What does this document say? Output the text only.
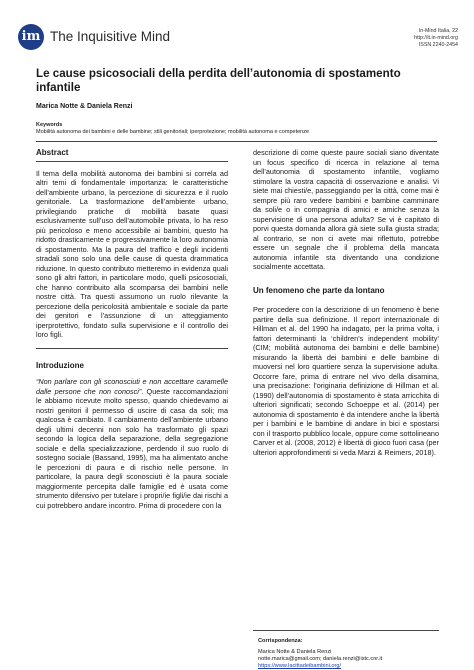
im The Inquisitive Mind	In-Mind Italia, 22
http://it.in-mind.org
ISSN 2240-2454
Le cause psicosociali della perdita dell’autonomia di spostamento infantile
Marica Notte & Daniela Renzi
Keywords
Mobilità autonoma dei bambini e delle bambine; stili genitoriali; iperprotezione; mobilità autonoma e competenze

Abstract

Il tema della mobilità autonoma dei bambini si correla ad altri temi di fondamentale importanza: le caratteristiche dell’ambiente urbano, la percezione di sicurezza e il ruolo genitoriale. La trasformazione dell’ambiente urbano, privilegiando pratiche di mobilità basate quasi esclusivamente sull’uso dell’automobile privata, lo ha reso più pericoloso e meno accessibile ai bambini, questo ha ridotto drasticamente e progressivamente la loro autonomia di spostamento. Ma la paura del traffico e degli incidenti stradali sono solo una delle cause di questa drammatica riduzione. In questo contributo metteremo in evidenza quali sono gli altri fattori, in particolare modo, quelli psicosociali, che hanno contribuito alla scomparsa dei bambini nelle nostre città. Tra questi assumono un ruolo rilevante la percezione della pericolosità ambientale e sociale da parte dei genitori e l’assunzione di un atteggiamento iperprotettivo, fondato sulla supervisione e il controllo dei loro figli.

Introduzione

“Non parlare con gli sconosciuti e non accettare caramelle dalle persone che non conosci”. Queste raccomandazioni le abbiamo ricevute molto spesso, quando chiedevamo ai nostri genitori il permesso di uscire di casa da soli; ma qualcosa è cambiato. Il cambiamento dell’ambiente urbano degli ultimi decenni non solo ha trasformato gli spazi secondo la logica della separazione, della segregazione sociale e della specializzazione, perdendo il suo ruolo di sostegno sociale (Bassand, 1995), ma ha alimentato anche le percezioni di paura e di rischio nelle persone. In particolare, la paura degli sconosciuti è la paura sociale maggiormente percepita dalle famiglie ed è usata come strumento difensivo per tutelare i propri/ie figli/ie dai rischi a cui potrebbero andare incontro. Prima di procedere con la

descrizione di come queste paure sociali siano diventate un focus specifico di ricerca in relazione al tema dell’autonomia di spostamento infantile, vogliamo stimolare la vostra capacità di osservazione e analisi. Vi siete mai chiesti/e, passeggiando per la città, come mai è sempre più raro vedere bambini e bambine camminare da soli/e o in compagnia di amici e amiche senza la supervisione di una persona adulta? Se vi è capitato di porvi questa domanda allora già siete sulla giusta strada; al contrario, se non ci avete mai riflettuto, potrebbe essere un segnale che il problema della mancata autonomia infantile sta diventando una condizione socialmente accettata.

Un fenomeno che parte da lontano

Per procedere con la descrizione di un fenomeno è bene partire della sua definizione. Il report internazionale di Hillman et al. del 1990 ha indagato, per la prima volta, i fattori determinanti la ‘children’s independent mobility’ (CIM; mobilità autonoma dei bambini e delle bambine) misurando la libertà dei bambini e delle bambine di muoversi nel loro quartiere senza la supervisione adulta. Occorre fare, prima di entrare nel vivo della disamina, una precisazione: l’originaria definizione di Hillman et al. (1990) dell’autonomia di spostamento è stata arricchita di ulteriori significati; secondo Schoeppe et al. (2014) per autonomia di spostamento è da intendere anche la libertà per i bambini e le bambine di andare in bici e spostarsi con il trasporto pubblico locale, oppure come sottolineano Carver et al. (2008, 2012) è libertà di gioco fuori casa (per ulteriori approfondimenti si veda Marzi & Reimers, 2018).

Corrispondenza:
Marica Notte & Daniela Renzi
notte.marica@gmail.com; daniela.renzi@istc.cnr.it
https://www.lacittadeibambini.org/
